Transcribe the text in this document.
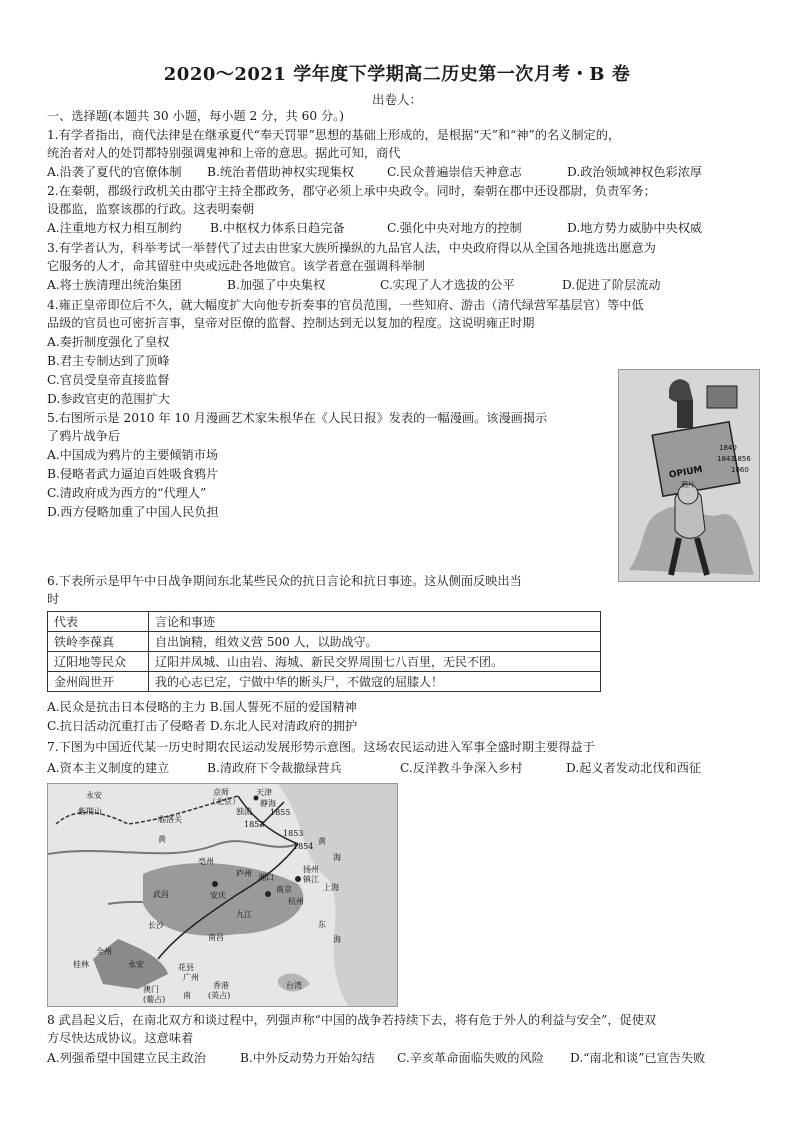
2020～2021 学年度下学期高二历史第一次月考・B 卷
出卷人：
一、选择题(本题共 30 小题，每小题 2 分，共 60 分。)
1.有学者指出，商代法律是在继承夏代“奉天罚罪”思想的基础上形成的，是根据“天”和“神”的名义制定的，
统治者对人的处罚都特别强调鬼神和上帝的意思。据此可知，商代
A.沿袭了夏代的官僚体制 B.统治者借助神权实现集权	C.民众普遍崇信天神意志	D.政治领域神权色彩浓厚
2.在秦朝，郡级行政机关由郡守主持全郡政务，郡守必须上承中央政令。同时，秦朝在郡中还设郡尉，负责军务；
设郡监，监察该郡的行政。这表明秦朝
A.注重地方权力相互制约 B.中枢权力体系日趋完备	C.强化中央对地方的控制	D.地方势力威胁中央权威
3.有学者认为，科举考试一举替代了过去由世家大族所操纵的九品官人法，中央政府得以从全国各地挑选出愿意为
它服务的人才，命其留驻中央或远赴各地做官。该学者意在强调科举制
A.将士族清理出统治集团	B.加强了中央集权	C.实现了人才选拔的公平	D.促进了阶层流动
4.雍正皇帝即位后不久，就大幅度扩大向他专折奏事的官员范围，一些知府、游击（清代绿营军基层官）等中低
品级的官员也可密折言事，皇帝对臣僚的监督、控制达到无以复加的程度。这说明雍正时期
A.奏折制度强化了皇权
B.君主专制达到了顶峰
C.官员受皇帝直接监督
D.参政官吏的范围扩大
5.右图所示是 2010 年 10 月漫画艺术家朱根华在《人民日报》发表的一幅漫画。该漫画揭示
了鸦片战争后
A.中国成为鸦片的主要倾销市场
B.侵略者武力逼迫百姓吸食鸦片
C.清政府成为西方的“代理人”
D.西方侵略加重了中国人民负担
OPIUM
1840
1843
1856
1860
鸦片
6.下表所示是甲午中日战争期间东北某些民众的抗日言论和抗日事迹。这从侧面反映出当
时
代表	言论和事迹
铁岭李葆真	自出饷精，组效义营 500 人，以助战守。
辽阳地等民众	辽阳并凤城、山由岩、海城、新民交界周围七八百里，无民不团。
金州阎世开	我的心志已定，宁做中华的断头尸，不做寇的屈膝人！
A.民众是抗击日本侵略的主力 B.国人誓死不屈的爱国精神
C.抗日活动沉重打击了侵略者 D.东北人民对清政府的拥护
7.下图为中国近代某一历史时期农民运动发展形势示意图。这场农民运动进入军事全盛时期主要得益于
A.资本主义制度的建立	B.清政府下令裁撤绿营兵	C.反洋教斗争深入乡村	D.起义者发动北伐和西征
永安	京师
（北京）
天津
静海
独流
临洛关
紫荆山
黄	黄
海
亳州
扬州
镇江
南京
庐州
安庆
杭州
九江
上海
武昌
长沙
南昌
湘口
东
海
全州
桂林	永安	花县
广州
香港
澳门	台湾
南 (英占)
(葡占)
1855
1853
1853
1854
8 武昌起义后，在南北双方和谈过程中，列强声称“中国的战争若持续下去，将有危于外人的利益与安全”，促使双
方尽快达成协议。这意味着
A.列强希望中国建立民主政治	B.中外反动势力开始勾结 C.辛亥革命面临失败的风险 D.“南北和谈”已宣告失败
